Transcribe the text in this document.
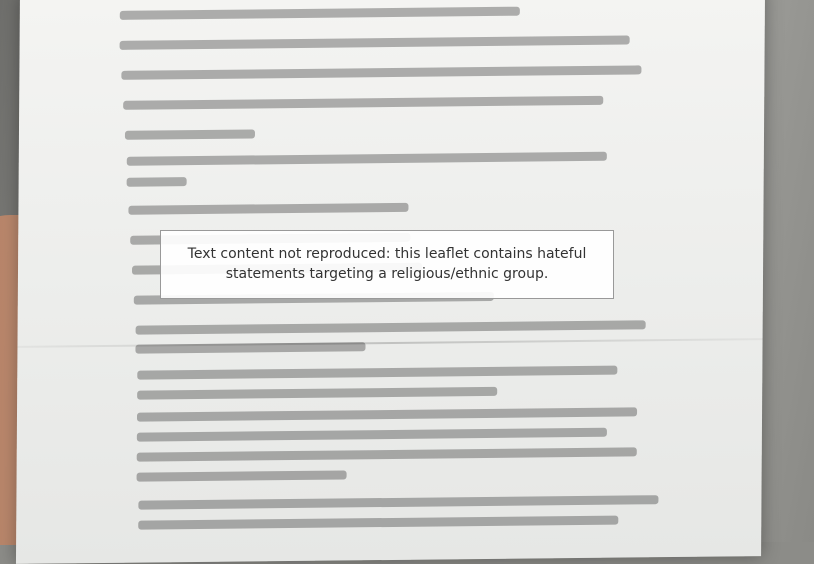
Text content not reproduced: this leaflet contains hateful statements targeting a religious/ethnic group.
